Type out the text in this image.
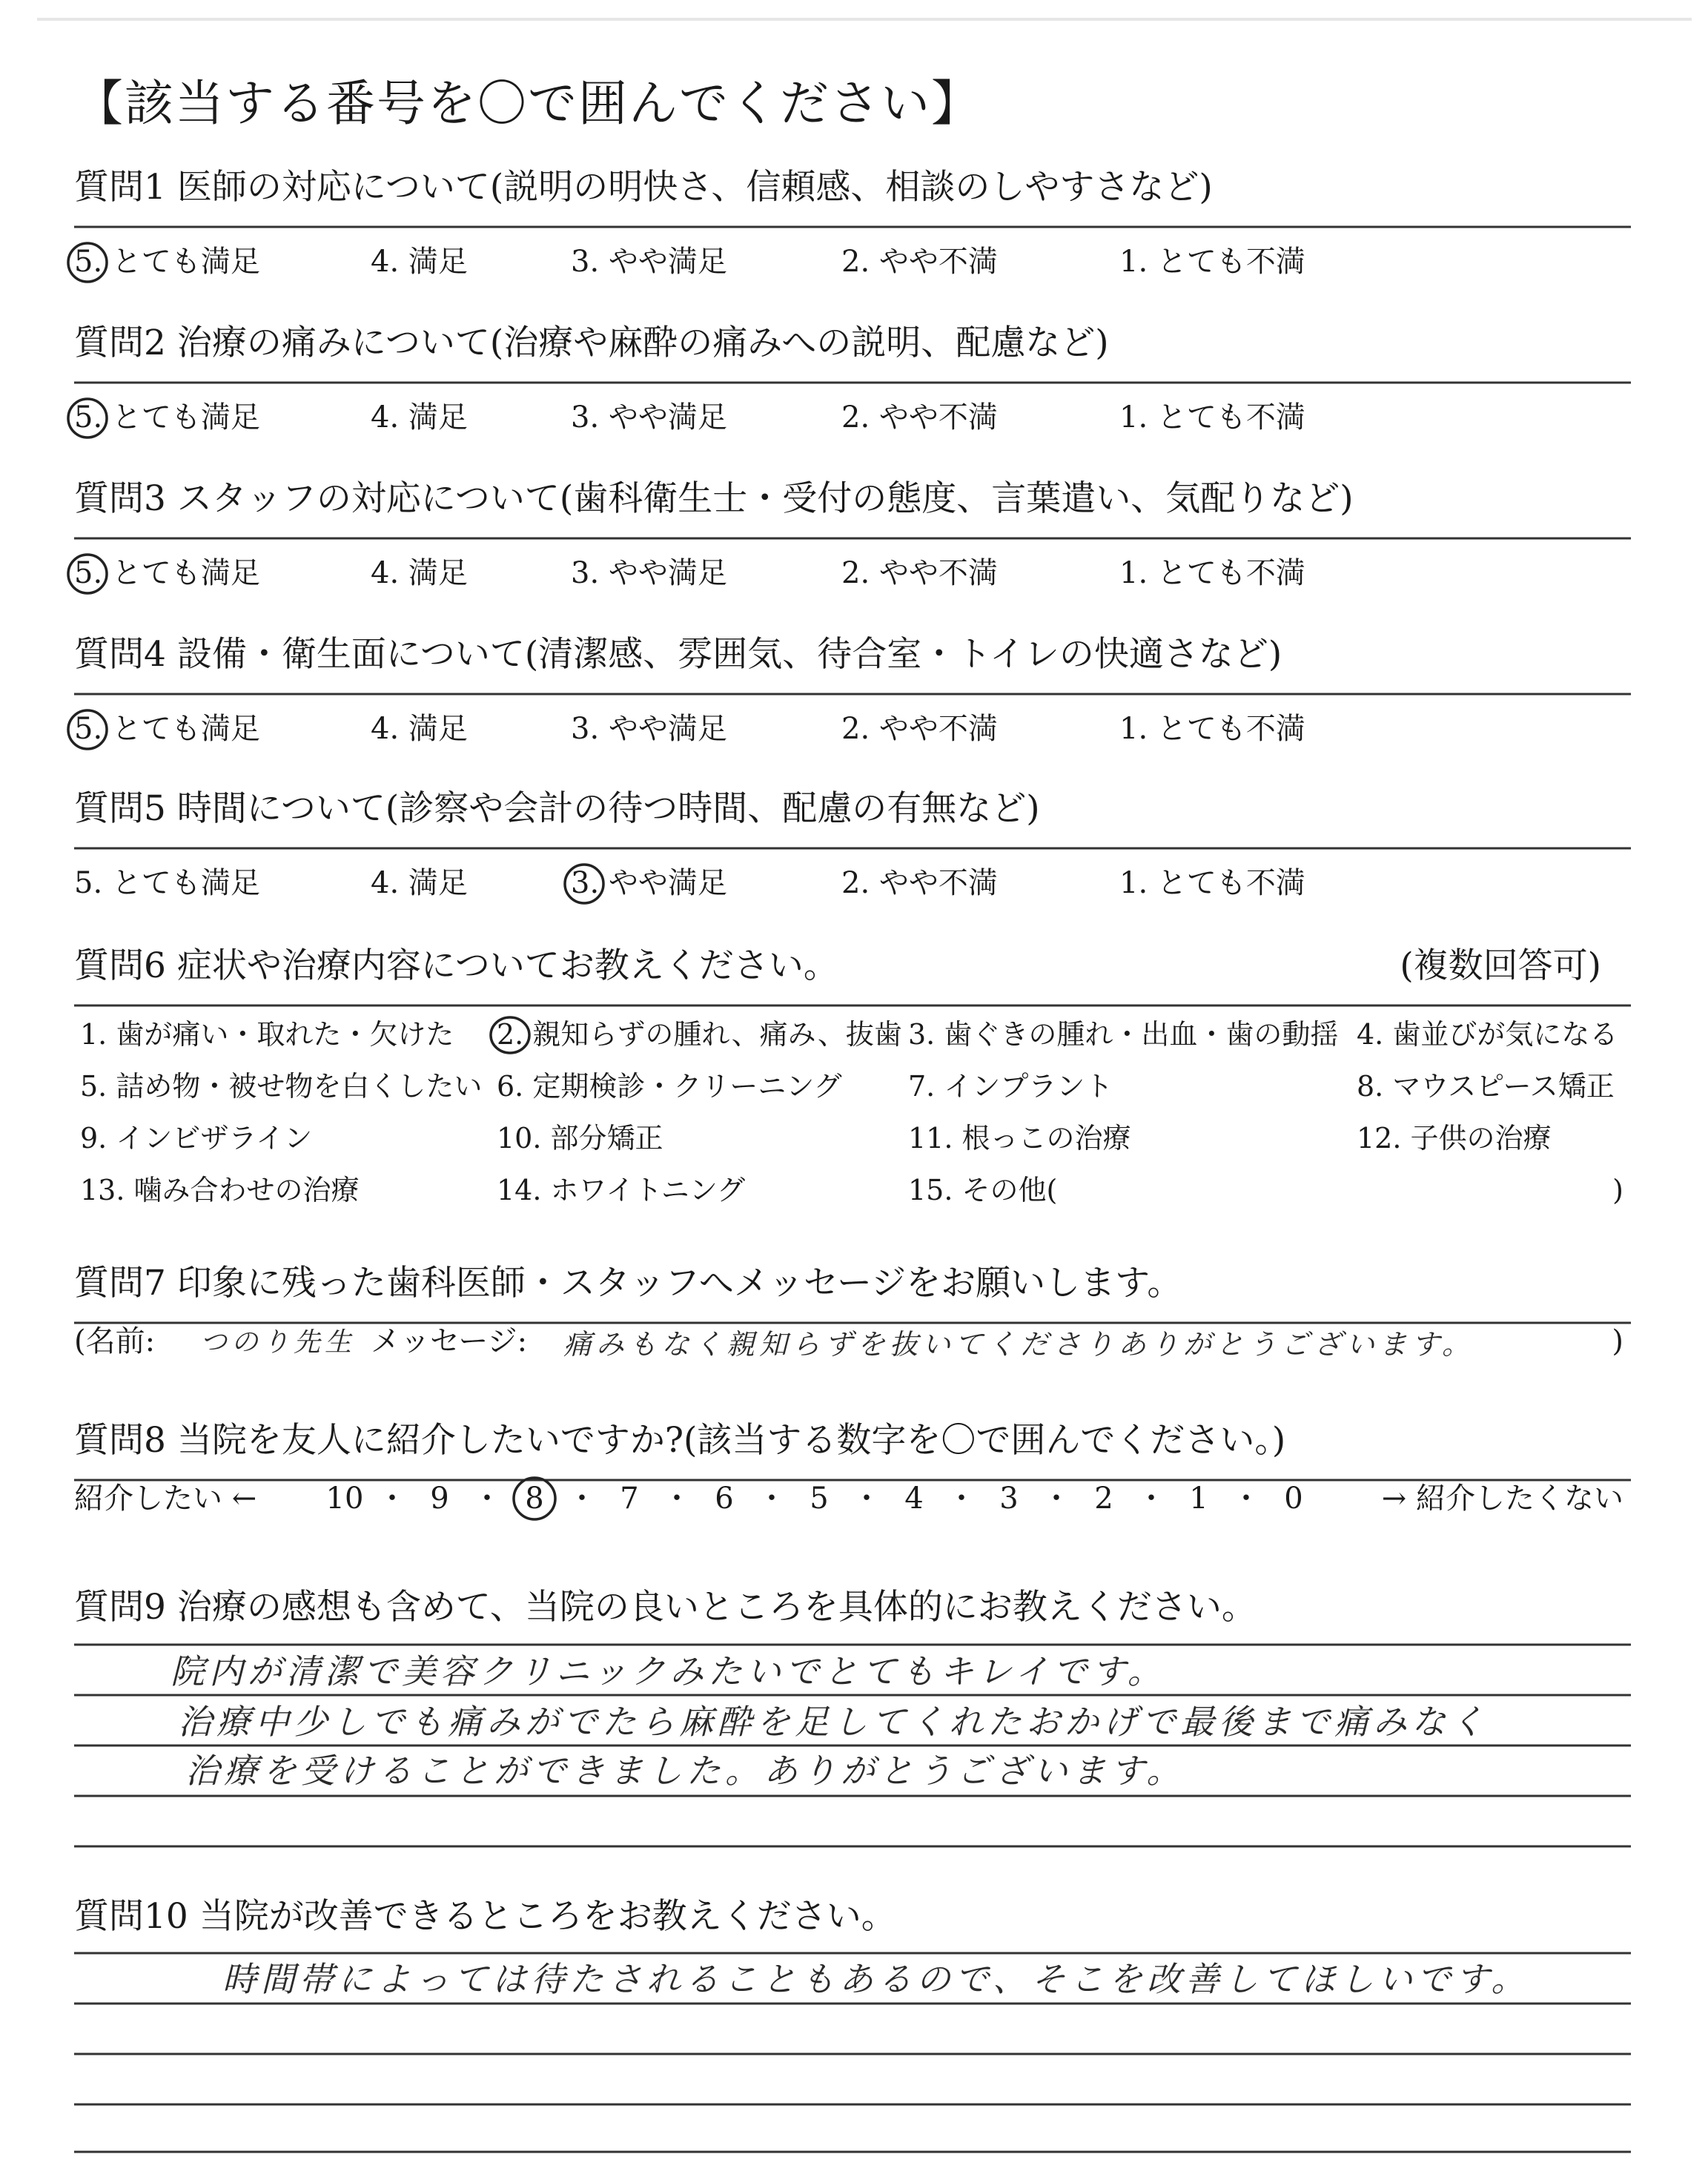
【該当する番号を〇で囲んでください】
質問1 医師の対応について(説明の明快さ、信頼感、相談のしやすさなど)
5. とても満足	4. 満足	3. やや満足	2. やや不満	1. とても不満
質問2 治療の痛みについて(治療や麻酔の痛みへの説明、配慮など)
5. とても満足	4. 満足	3. やや満足	2. やや不満	1. とても不満
質問3 スタッフの対応について(歯科衛生士・受付の態度、言葉遣い、気配りなど)
5. とても満足	4. 満足	3. やや満足	2. やや不満	1. とても不満
質問4 設備・衛生面について(清潔感、雰囲気、待合室・トイレの快適さなど)
5. とても満足	4. 満足	3. やや満足	2. やや不満	1. とても不満
質問5 時間について(診察や会計の待つ時間、配慮の有無など)
5. とても満足	4. 満足	3. やや満足	2. やや不満	1. とても不満
質問6 症状や治療内容についてお教えください。	(複数回答可)
1. 歯が痛い・取れた・欠けた 2. 親知らずの腫れ、痛み、抜歯 3. 歯ぐきの腫れ・出血・歯の動揺 4. 歯並びが気になる
5. 詰め物・被せ物を白くしたい 6. 定期検診・クリーニング 7. インプラント	8. マウスピース矯正
9. インビザライン	10. 部分矯正	11. 根っこの治療	12. 子供の治療
13. 噛み合わせの治療	14. ホワイトニング	15. その他(	)
質問7 印象に残った歯科医師・スタッフへメッセージをお願いします。
(名前: つのり先生 メッセージ: 痛みもなく親知らずを抜いてくださりありがとうございます。	)
質問8 当院を友人に紹介したいですか?(該当する数字を〇で囲んでください。)
紹介したい ←	→ 紹介したくない
10 ・ 9 ・ 8 ・ 7 ・ 6 ・ 5 ・ 4 ・ 3 ・ 2 ・ 1 ・ 0
質問9 治療の感想も含めて、当院の良いところを具体的にお教えください。
院内が清潔で美容クリニックみたいでとてもキレイです。
治療中少しでも痛みがでたら麻酔を足してくれたおかげで最後まで痛みなく
治療を受けることができました。ありがとうございます。
質問10 当院が改善できるところをお教えください。
時間帯によっては待たされることもあるので、そこを改善してほしいです。
